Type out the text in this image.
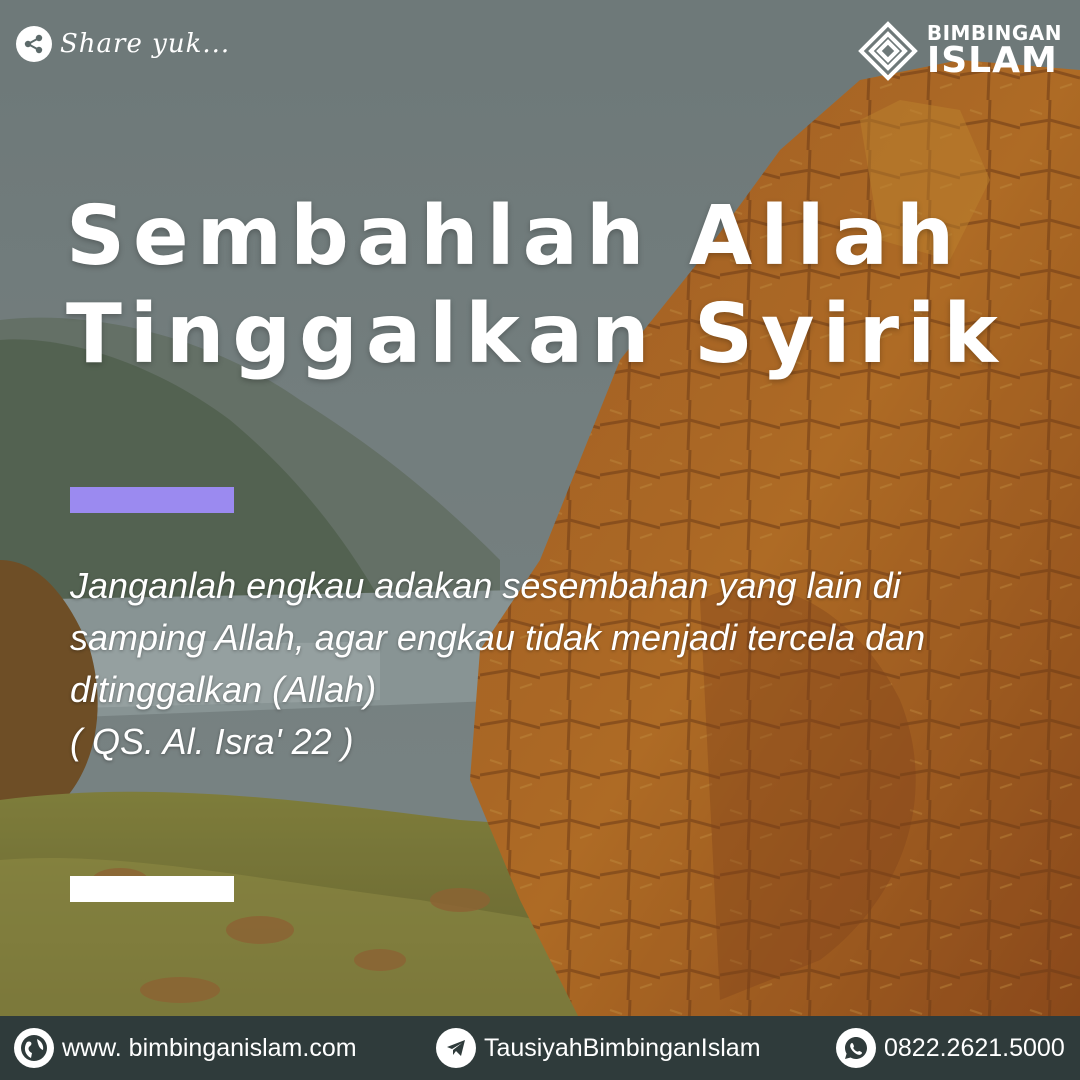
Share yuk...	BIMBINGAN
ISLAM
Sembahlah Allah
Tinggalkan Syirik

Janganlah engkau adakan sesembahan yang lain di

samping Allah, agar engkau tidak menjadi tercela dan

ditinggalkan (Allah)

( QS. Al. Isra' 22 )

www. bimbinganislam.com	TausiyahBimbinganIslam	0822.2621.5000
